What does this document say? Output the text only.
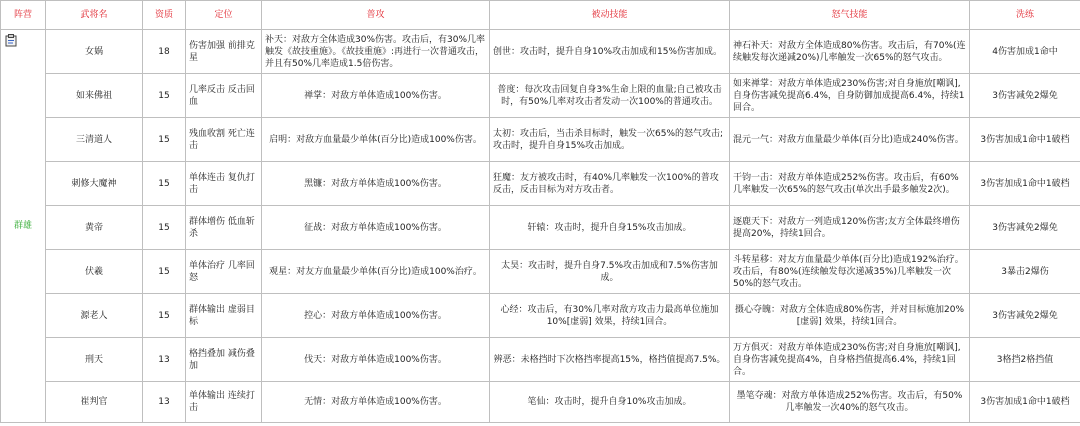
阵营	武将名	资质	定位	普攻	被动技能	怒气技能	洗练

群雄	女娲	18	伤害加强 前排克星	补天：对敌方全体造成30%伤害。攻击后，有30%几率触发《故技重施》。《故技重施》:再进行一次普通攻击，并且有50%几率造成1.5倍伤害。	创世：攻击时，提升自身10%攻击加成和15%伤害加成。	神石补天：对敌方全体造成80%伤害。攻击后，有70%(连续触发每次递减20%)几率触发一次65%的怒气攻击。	4伤害加成1命中
	如来佛祖	15	几率反击 反击回血	禅掌：对敌方单体造成100%伤害。	普度：每次攻击回复自身3%生命上限的血量;自己被攻击时，有50%几率对攻击者发动一次100%的普通攻击。	如来禅掌：对敌方单体造成230%伤害;对自身施放[嘲讽],自身伤害减免提高6.4%，自身防御加成提高6.4%，持续1回合。	3伤害减免2爆免
	三清道人	15	残血收割 死亡连击	启明：对敌方血量最少单体(百分比)造成100%伤害。	太初：攻击后，当击杀目标时，触发一次65%的怒气攻击;攻击时，提升自身15%攻击加成。	混元一气：对敌方血量最少单体(百分比)造成240%伤害。	3伤害加成1命中1破档
	刺修大魔神	15	单体连击 复仇打击	黑镰：对敌方单体造成100%伤害。	狂魔：友方被攻击时，有40%几率触发一次100%的普攻反击，反击目标为对方攻击者。	干钧一击：对敌方单体造成252%伤害。攻击后，有60%几率触发一次65%的怒气攻击(单次出手最多触发2次)。	3伤害加成1命中1破档
	黄帝	15	群体增伤 低血斩杀	征战：对敌方单体造成100%伤害。	轩辕：攻击时，提升自身15%攻击加成。	逐鹿天下：对敌方一列造成120%伤害;友方全体最终增伤提高20%，持续1回合。	3伤害减免2爆免
	伏羲	15	单体治疗 几率回怒	观星：对友方血量最少单体(百分比)造成100%治疗。	太昊：攻击时，提升自身7.5%攻击加成和7.5%伤害加成。	斗转星移：对友方血量最少单体(百分比)造成192%治疗。攻击后，有80%(连续触发每次递减35%)几率触发一次50%的怒气攻击。	3暴击2爆伤
	源老人	15	群体输出 虚弱目标	控心：对敌方单体造成100%伤害。	心经：攻击后，有30%几率对敌方攻击力最高单位施加10%[虚弱] 效果，持续1回合。	摄心夺魄：对敌方全体造成80%伤害，并对目标施加20%[虚弱] 效果，持续1回合。	3伤害减免2爆免
	刑天	13	格挡叠加 减伤叠加	伐天：对敌方单体造成100%伤害。	辨恶：未格挡时下次格挡率提高15%，格挡值提高7.5%。	万方俱灭：对敌方单体造成230%伤害;对自身施放[嘲讽],自身伤害减免提高4%，自身格挡值提高6.4%，持续1回合。	3格挡2格挡值
	崔判官	13	单体输出 连续打击	无情：对敌方单体造成100%伤害。	笔仙：攻击时，提升自身10%攻击加成。	墨笔夺魂：对敌方单体造成252%伤害。攻击后，有50%几率触发一次40%的怒气攻击。	3伤害加成1命中1破档
